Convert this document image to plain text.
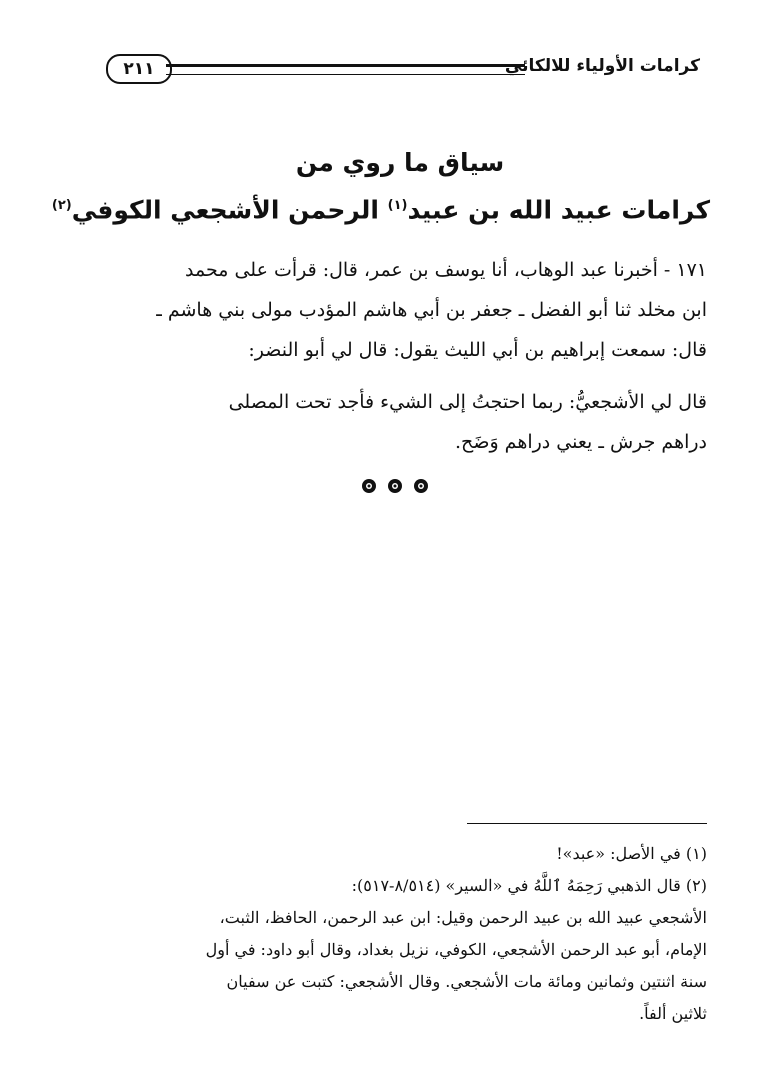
٢١١	كرامات الأولياء للالكائي
سياق ما روي من
كرامات عبيد الله بن عبيد$^{(١)}$ الرحمن الأشجعي الكوفي$^{(٢)}$
١٧١ - أخبرنا عبد الوهاب، أنا يوسف بن عمر، قال: قرأت على محمد
ابن مخلد ثنا أبو الفضل ـ جعفر بن أبي هاشم المؤدب مولى بني هاشم ـ
قال: سمعت إبراهيم بن أبي الليث يقول: قال لي أبو النضر:
قال لي الأشجعيُّ: ربما احتجتُ إلى الشيء فأجد تحت المصلى
دراهم جرش ـ يعني دراهم وَضَح.
(١) في الأصل: «عبد»!
(٢) قال الذهبي رَحِمَهُ ٱللَّهُ في «السير» (٨/٥١٤-٥١٧):
الأشجعي عبيد الله بن عبيد الرحمن وقيل: ابن عبد الرحمن، الحافظ، الثبت،
الإمام، أبو عبد الرحمن الأشجعي، الكوفي، نزيل بغداد، وقال أبو داود: في أول
سنة اثنتين وثمانين ومائة مات الأشجعي. وقال الأشجعي: كتبت عن سفيان
ثلاثين ألفاً.
